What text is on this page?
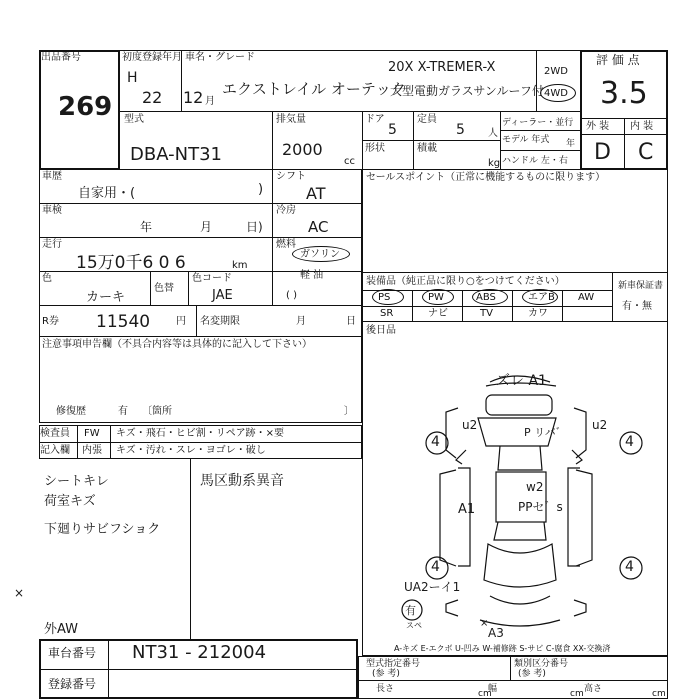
出品番号
269
初度登録年月
H
22 12 月
車名・グレード
エクストレイル オーテック
20X X-TREMER-X
大型電動ガラスサンルーフ付
2WD
4WD
評 価 点
3.5
外 装 内 装
D C
型式
DBA-NT31
排気量
2000
cc
ドア
5
定員
5 人
形状	積載
kg
ディーラー・並行
モデル 年式 年
ハンドル 左・右
車歴
自家用・(	)
車検
年	月	日)
走行
15万0千6 0 6	km
色
カーキ
色替
色コード
JAE
シフト
AT
冷房
AC
燃料
ガソリン
軽 油
( )
R券 11540	円 名変期限	月	日
注意事項申告欄（不具合内容等は具体的に記入して下さい）
修復歴	有 〔箇所	〕
セールスポイント（正常に機能するものに限ります）
装備品（純正品に限り○をつけてください）	新車保証書
有・無
PS	PW	ABS	エアB AW
SR	ナビ	TV	カワ
後日品
検査員 FW キズ・飛石・ヒビ割・リペア跡・×要
記入欄 内張 キズ・汚れ・スレ・ヨゴレ・破し
シートキレ
荷室キズ
下廻りサビフショク
外AW
馬区動系異音
×
ズレ A1
4	4
4	4
u2	u2
P リバ゛
w2
A1	PPセ゛s
UA2ーイ1
有
スペ
A3
×
A-キズ E-エクボ U-凹み W-補修跡 S-サビ C-腐食 XX-交換済
型式指定番号
(参 考)
類別区分番号
(参 考)
長さ	cm
幅	cm 高さ	cm
車台番号 NT31 - 212004
登録番号
